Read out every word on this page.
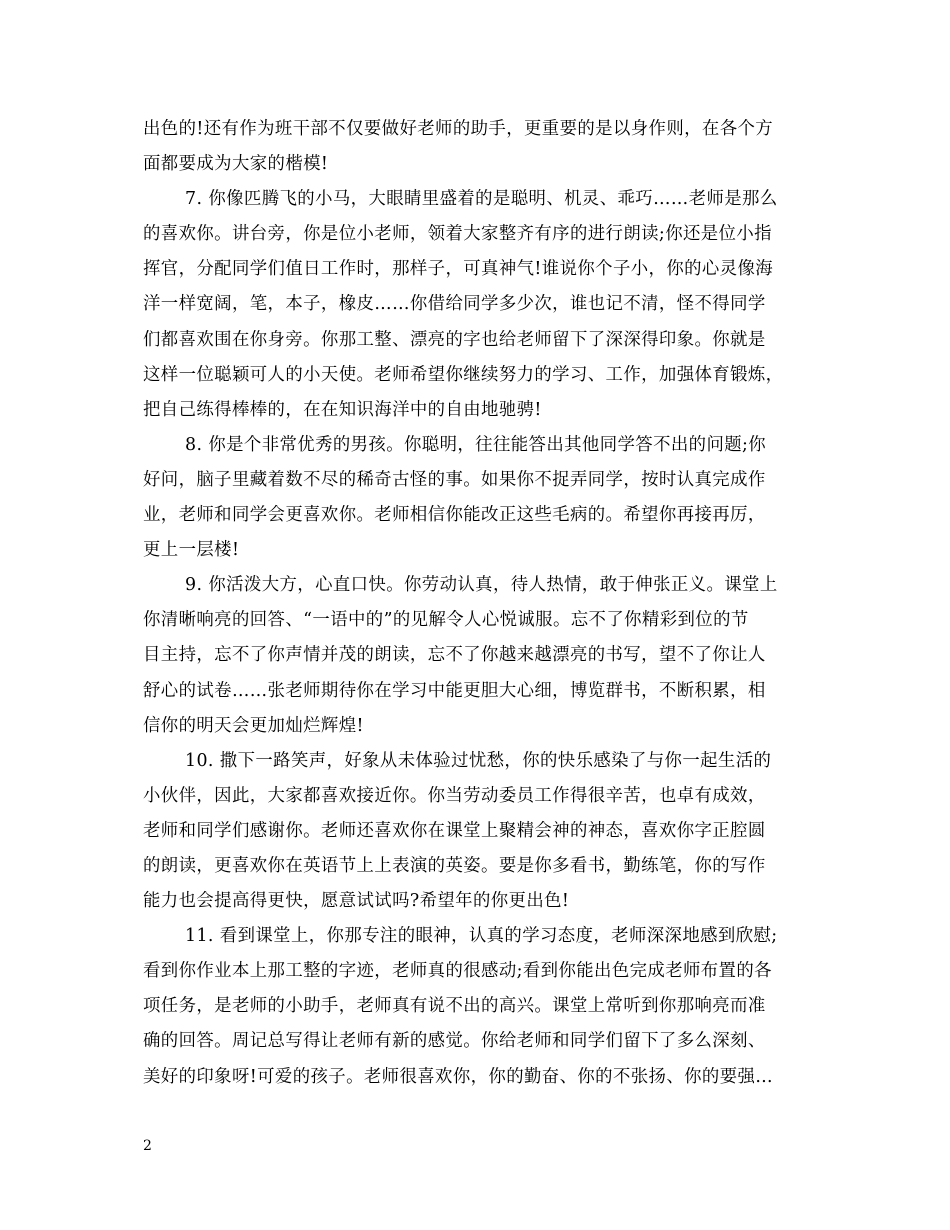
出色的!还有作为班干部不仅要做好老师的助手，更重要的是以身作则，在各个方
面都要成为大家的楷模!
7. 你像匹腾飞的小马，大眼睛里盛着的是聪明、机灵、乖巧……老师是那么
的喜欢你。讲台旁，你是位小老师，领着大家整齐有序的进行朗读;你还是位小指
挥官，分配同学们值日工作时，那样子，可真神气!谁说你个子小，你的心灵像海
洋一样宽阔，笔，本子，橡皮……你借给同学多少次，谁也记不清，怪不得同学
们都喜欢围在你身旁。你那工整、漂亮的字也给老师留下了深深得印象。你就是
这样一位聪颖可人的小天使。老师希望你继续努力的学习、工作，加强体育锻炼，
把自己练得棒棒的，在在知识海洋中的自由地驰骋!
8. 你是个非常优秀的男孩。你聪明，往往能答出其他同学答不出的问题;你
好问，脑子里藏着数不尽的稀奇古怪的事。如果你不捉弄同学，按时认真完成作
业，老师和同学会更喜欢你。老师相信你能改正这些毛病的。希望你再接再厉，
更上一层楼!
9. 你活泼大方，心直口快。你劳动认真，待人热情，敢于伸张正义。课堂上
你清晰响亮的回答、“一语中的”的见解令人心悦诚服。忘不了你精彩到位的节
目主持，忘不了你声情并茂的朗读，忘不了你越来越漂亮的书写，望不了你让人
舒心的试卷……张老师期待你在学习中能更胆大心细，博览群书，不断积累，相
信你的明天会更加灿烂辉煌!
10. 撒下一路笑声，好象从未体验过忧愁，你的快乐感染了与你一起生活的
小伙伴，因此，大家都喜欢接近你。你当劳动委员工作得很辛苦，也卓有成效，
老师和同学们感谢你。老师还喜欢你在课堂上聚精会神的神态，喜欢你字正腔圆
的朗读，更喜欢你在英语节上上表演的英姿。要是你多看书，勤练笔，你的写作
能力也会提高得更快，愿意试试吗?希望年的你更出色!
11. 看到课堂上，你那专注的眼神，认真的学习态度，老师深深地感到欣慰;
看到你作业本上那工整的字迹，老师真的很感动;看到你能出色完成老师布置的各
项任务，是老师的小助手，老师真有说不出的高兴。课堂上常听到你那响亮而准
确的回答。周记总写得让老师有新的感觉。你给老师和同学们留下了多么深刻、
美好的印象呀!可爱的孩子。老师很喜欢你，你的勤奋、你的不张扬、你的要强…
2
